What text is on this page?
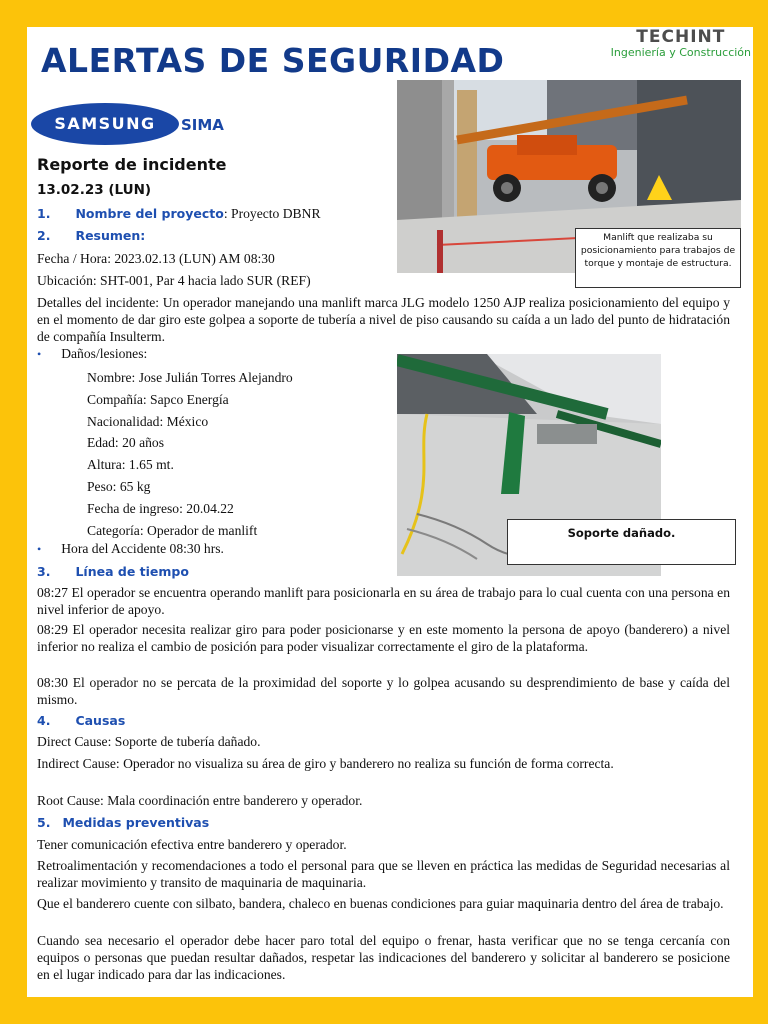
ALERTAS DE SEGURIDAD
TECHINT
Ingeniería y Construcción
SAMSUNG	SIMA
Manlift que realizaba su posicionamiento para trabajos de torque y montaje de estructura.
Soporte dañado.
Reporte de incidente
13.02.23 (LUN)
1. Nombre del proyecto: Proyecto DBNR
2. Resumen:
Fecha / Hora: 2023.02.13 (LUN) AM 08:30
Ubicación: SHT-001, Par 4 hacia lado SUR (REF)
Detalles del incidente: Un operador manejando una manlift marca JLG modelo 1250 AJP realiza posicionamiento del equipo y en el momento de dar giro este golpea a soporte de tubería a nivel de piso causando su caída a un lado del punto de hidratación de compañía Insulterm.
• Daños/lesiones:
Nombre: Jose Julián Torres Alejandro
Compañía: Sapco Energía
Nacionalidad: México
Edad: 20 años
Altura: 1.65 mt.
Peso: 65 kg
Fecha de ingreso: 20.04.22
Categoría: Operador de manlift
• Hora del Accidente 08:30 hrs.
3. Línea de tiempo
08:27 El operador se encuentra operando manlift para posicionarla en su área de trabajo para lo cual cuenta con una persona en nivel inferior de apoyo.
08:29 El operador necesita realizar giro para poder posicionarse y en este momento la persona de apoyo (banderero) a nivel inferior no realiza el cambio de posición para poder visualizar correctamente el giro de la plataforma.
08:30 El operador no se percata de la proximidad del soporte y lo golpea acusando su desprendimiento de base y caída del mismo.
4. Causas
Direct Cause: Soporte de tubería dañado.
Indirect Cause: Operador no visualiza su área de giro y banderero no realiza su función de forma correcta.
Root Cause: Mala coordinación entre banderero y operador.
5. Medidas preventivas
Tener comunicación efectiva entre banderero y operador.
Retroalimentación y recomendaciones a todo el personal para que se lleven en práctica las medidas de Seguridad necesarias al realizar movimiento y transito de maquinaria de maquinaria.
Que el banderero cuente con silbato, bandera, chaleco en buenas condiciones para guiar maquinaria dentro del área de trabajo.
Cuando sea necesario el operador debe hacer paro total del equipo o frenar, hasta verificar que no se tenga cercanía con equipos o personas que puedan resultar dañados, respetar las indicaciones del banderero y solicitar al banderero se posicione en el lugar indicado para dar las indicaciones.
